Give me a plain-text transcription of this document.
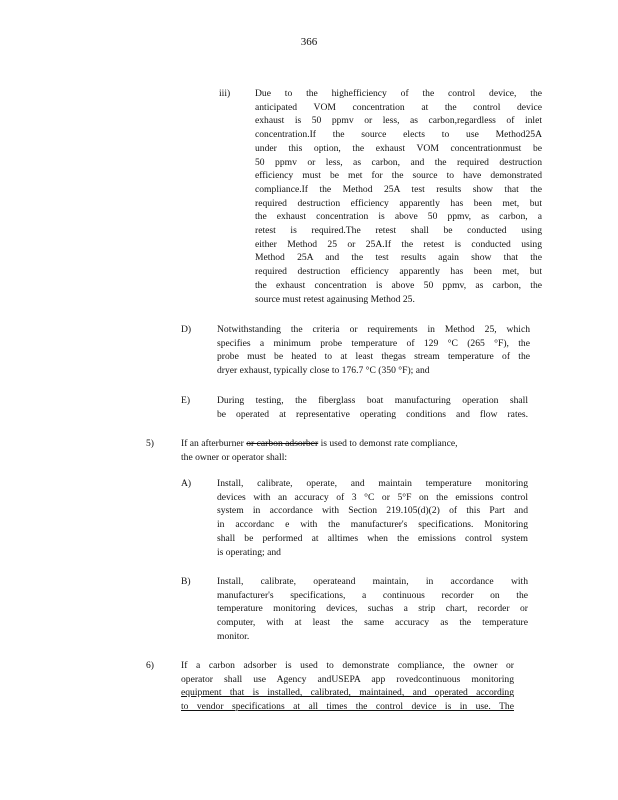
366
iii)	Due to the highefficiency of the control device, the
anticipated VOM concentration at the control device
exhaust is 50 ppmv or less, as carbon,regardless of inlet
concentration.If the source elects to use Method25A
under this option, the exhaust VOM concentrationmust be
50 ppmv or less, as carbon, and the required destruction
efficiency must be met for the source to have demonstrated
compliance.If the Method 25A test results show that the
required destruction efficiency apparently has been met, but
the exhaust concentration is above 50 ppmv, as carbon, a
retest is required.The retest shall be conducted using
either Method 25 or 25A.If the retest is conducted using
Method 25A and the test results again show that the
required destruction efficiency apparently has been met, but
the exhaust concentration is above 50 ppmv, as carbon, the
source must retest againusing Method 25.
D)	Notwithstanding the criteria or requirements in Method 25, which
specifies a minimum probe temperature of 129 °C (265 °F), the
probe must be heated to at least thegas stream temperature of the
dryer exhaust, typically close to 176.7 °C (350 °F); and
E)	During testing, the fiberglass boat manufacturing operation shall
be operated at representative operating conditions and flow rates.
5)	If an afterburner or carbon adsorber is used to demonst rate compliance,
the owner or operator shall:
A)	Install, calibrate, operate, and maintain temperature monitoring
devices with an accuracy of 3 °C or 5°F on the emissions control
system in accordance with Section 219.105(d)(2) of this Part and
in accordanc e with the manufacturer's specifications. Monitoring
shall be performed at alltimes when the emissions control system
is operating; and
B)	Install, calibrate, operateand maintain, in accordance with
manufacturer's specifications, a continuous recorder on the
temperature monitoring devices, suchas a strip chart, recorder or
computer, with at least the same accuracy as the temperature
monitor.
6)	If a carbon adsorber is used to demonstrate compliance, the owner or
operator shall use Agency andUSEPA app rovedcontinuous monitoring
equipment that is installed, calibrated, maintained, and operated according
to vendor specifications at all times the control device is in use. The
